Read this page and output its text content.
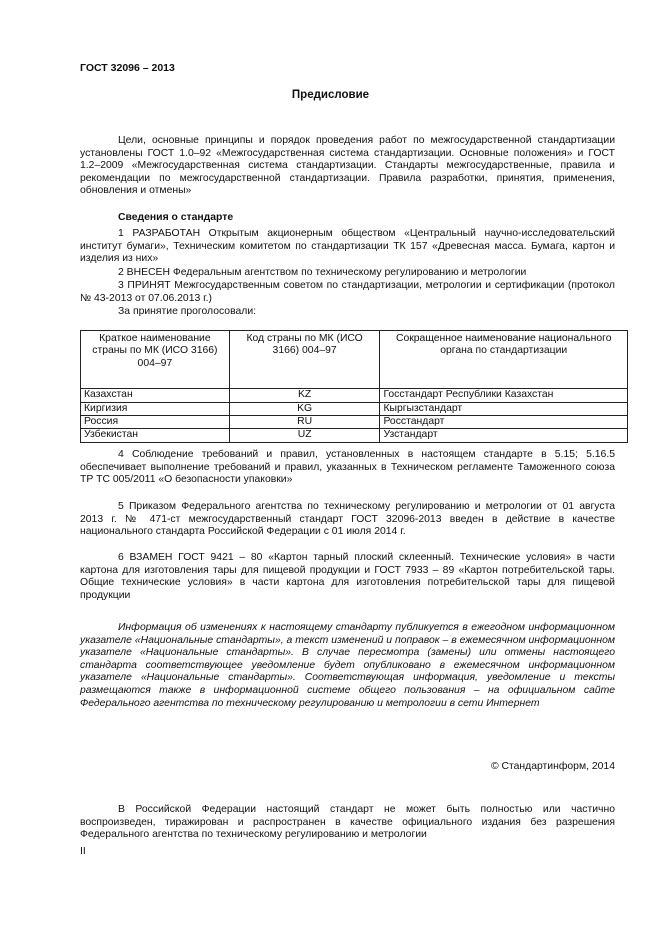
ГОСТ 32096 – 2013
Предисловие
Цели, основные принципы и порядок проведения работ по межгосударственной стандартизации установлены ГОСТ 1.0–92 «Межгосударственная система стандартизации. Основные положения» и ГОСТ 1.2–2009 «Межгосударственная система стандартизации. Стандарты межгосударственные, правила и рекомендации по межгосударственной стандартизации. Правила разработки, принятия, применения, обновления и отмены»
Сведения о стандарте
1 РАЗРАБОТАН Открытым акционерным обществом «Центральный научно-исследовательский институт бумаги», Техническим комитетом по стандартизации ТК 157 «Древесная масса. Бумага, картон и изделия из них»
2 ВНЕСЕН Федеральным агентством по техническому регулированию и метрологии
3 ПРИНЯТ Межгосударственным советом по стандартизации, метрологии и сертификации (протокол № 43-2013 от 07.06.2013 г.)
За принятие проголосовали:
Краткое наименование страны по МК (ИСО 3166) 004–97	Код страны по МК (ИСО 3166) 004–97	Сокращенное наименование национального органа по стандартизации
Казахстан	KZ	Госстандарт Республики Казахстан
Киргизия	KG	Кыргызстандарт
Россия	RU	Росстандарт
Узбекистан	UZ	Узстандарт
4 Соблюдение требований и правил, установленных в настоящем стандарте в 5.15; 5.16.5 обеспечивает выполнение требований и правил, указанных в Техническом регламенте Таможенного союза ТР ТС 005/2011 «О безопасности упаковки»
5 Приказом Федерального агентства по техническому регулированию и метрологии от 01 августа 2013 г. № 471-ст межгосударственный стандарт ГОСТ 32096-2013 введен в действие в качестве национального стандарта Российской Федерации с 01 июля 2014 г.
6 ВЗАМЕН ГОСТ 9421 – 80 «Картон тарный плоский склеенный. Технические условия» в части картона для изготовления тары для пищевой продукции и ГОСТ 7933 – 89 «Картон потребительской тары. Общие технические условия» в части картона для изготовления потребительской тары для пищевой продукции
Информация об изменениях к настоящему стандарту публикуется в ежегодном информационном указателе «Национальные стандарты», а текст изменений и поправок – в ежемесячном информационном указателе «Национальные стандарты». В случае пересмотра (замены) или отмены настоящего стандарта соответствующее уведомление будет опубликовано в ежемесячном информационном указателе «Национальные стандарты». Соответствующая информация, уведомление и тексты размещаются также в информационной системе общего пользования – на официальном сайте Федерального агентства по техническому регулированию и метрологии в сети Интернет
© Стандартинформ, 2014
В Российской Федерации настоящий стандарт не может быть полностью или частично воспроизведен, тиражирован и распространен в качестве официального издания без разрешения Федерального агентства по техническому регулированию и метрологии
II
